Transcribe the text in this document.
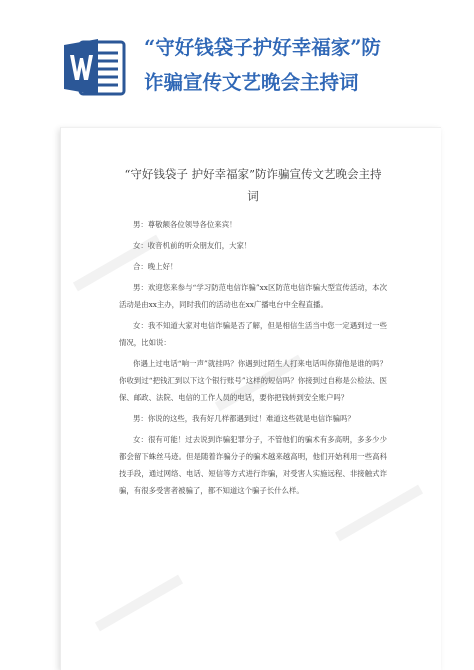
“守好钱袋子护好幸福家”防
诈骗宣传文艺晚会主持词
“守好钱袋子 护好幸福家”防诈骗宣传文艺晚会主持
词

男：尊敬额各位领导各位来宾！

女：收音机前的听众朋友们，大家！

合：晚上好！

男：欢迎您来参与“学习防范电信诈骗”xx区防范电信诈骗大型宣传活动，本次活动是由xx主办，同时我们的活动也在xx广播电台中全程直播。

女：我不知道大家对电信诈骗是否了解，但是相信生活当中您一定遇到过一些情况，比如说：

你遇上过电话“响一声”就挂吗？你遇到过陌生人打来电话叫你猜他是谁的吗？你收到过“把钱汇到以下这个银行账号”这样的短信吗？你接到过自称是公检法、医保、邮政、法院、电信的工作人员的电话，要你把钱转到安全账户吗？

男：你说的这些，我有好几样都遇到过！难道这些就是电信诈骗吗？

女：很有可能！过去说到诈骗犯罪分子，不管他们的骗术有多高明，多多少少都会留下蛛丝马迹。但是随着诈骗分子的骗术越来越高明，他们开始利用一些高科技手段，通过网络、电话、短信等方式进行诈骗，对受害人实施远程、非接触式诈骗，有很多受害者被骗了，都不知道这个骗子长什么样。
